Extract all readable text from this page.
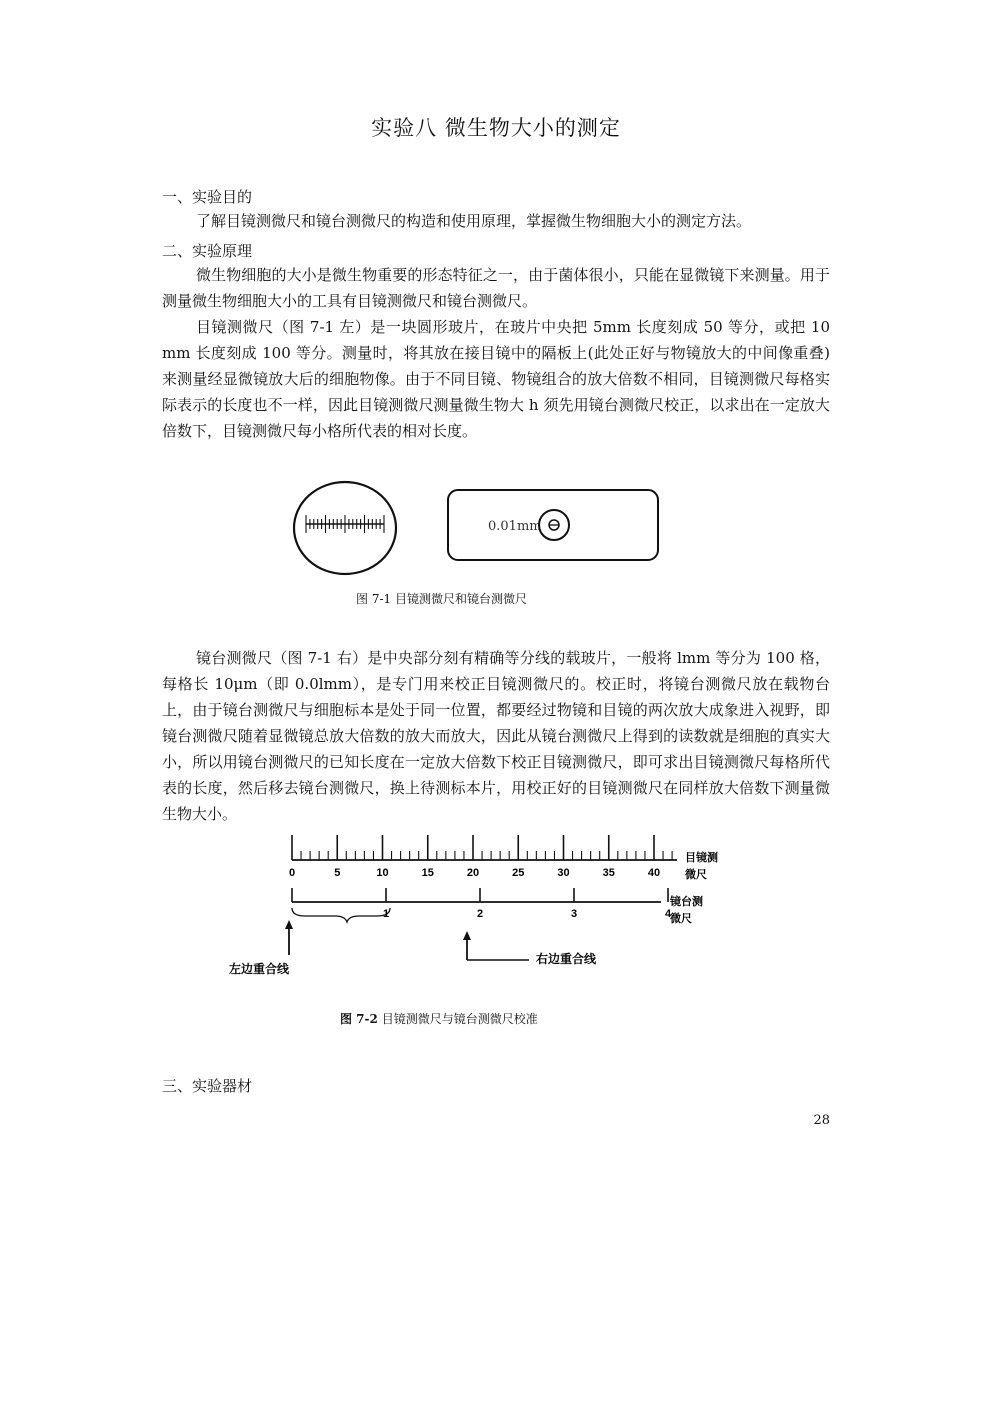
实验八 微生物大小的测定

一、实验目的

了解目镜测微尺和镜台测微尺的构造和使用原理，掌握微生物细胞大小的测定方法。

二、实验原理

微生物细胞的大小是微生物重要的形态特征之一，由于菌体很小，只能在显微镜下来测量。用于测量微生物细胞大小的工具有目镜测微尺和镜台测微尺。

目镜测微尺（图 7-1 左）是一块圆形玻片，在玻片中央把 5mm 长度刻成 50 等分，或把 10 mm 长度刻成 100 等分。测量时，将其放在接目镜中的隔板上(此处正好与物镜放大的中间像重叠)来测量经显微镜放大后的细胞物像。由于不同目镜、物镜组合的放大倍数不相同，目镜测微尺每格实际表示的长度也不一样，因此目镜测微尺测量微生物大 h 须先用镜台测微尺校正，以求出在一定放大倍数下，目镜测微尺每小格所代表的相对长度。

0.01mm

图 7-1 目镜测微尺和镜台测微尺

镜台测微尺（图 7-1 右）是中央部分刻有精确等分线的载玻片，一般将 lmm 等分为 100 格，每格长 10μm（即 0.0lmm），是专门用来校正目镜测微尺的。校正时，将镜台测微尺放在载物台上，由于镜台测微尺与细胞标本是处于同一位置，都要经过物镜和目镜的两次放大成象进入视野，即镜台测微尺随着显微镜总放大倍数的放大而放大，因此从镜台测微尺上得到的读数就是细胞的真实大小，所以用镜台测微尺的已知长度在一定放大倍数下校正目镜测微尺，即可求出目镜测微尺每格所代表的长度，然后移去镜台测微尺，换上待测标本片，用校正好的目镜测微尺在同样放大倍数下测量微生物大小。

0	5	10	15	20	25	30	35	40
目镜测
微尺
1	2	3	4
镜台测
微尺
左边重合线
右边重合线

图 7-2 目镜测微尺与镜台测微尺校准

三、实验器材

28
